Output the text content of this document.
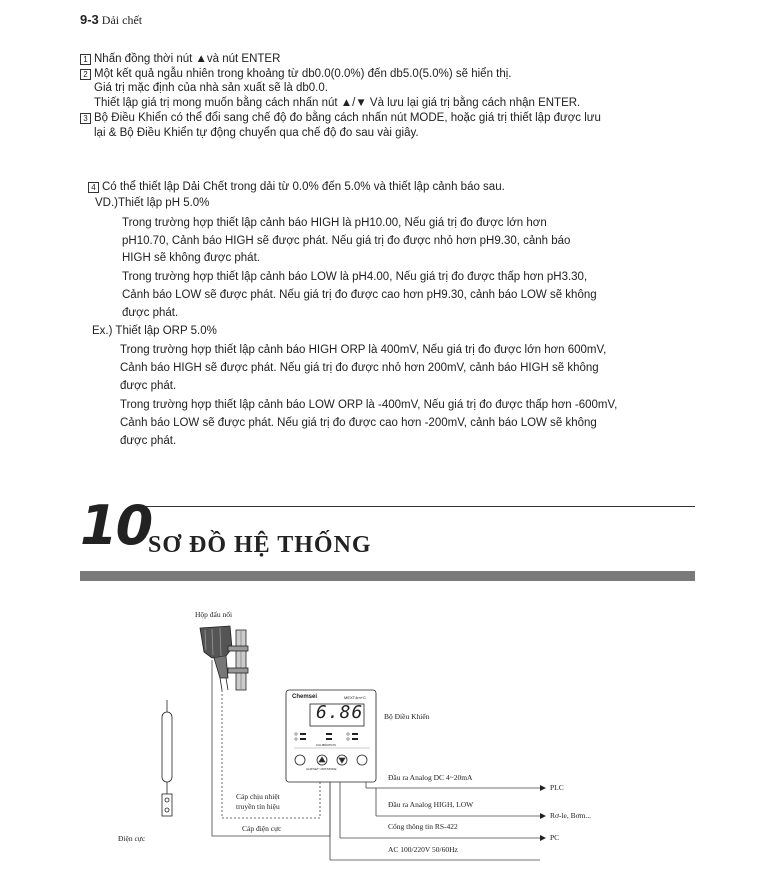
9-3 Dải chết
1 Nhấn đồng thời nút ▲và nút ENTER
2 Một kết quả ngẫu nhiên trong khoảng từ db0.0(0.0%) đến db5.0(5.0%) sẽ hiển thị.
Giá trị mặc định của nhà sản xuất sẽ là db0.0.
Thiết lập giá trị mong muốn bằng cách nhấn nút ▲/▼ Và lưu lại giá trị bằng cách nhận ENTER.
3 Bộ Điều Khiển có thể đổi sang chế độ đo bằng cách nhấn nút MODE, hoặc giá trị thiết lập được lưu
lại & Bộ Điều Khiển tự động chuyển qua chế độ đo sau vài giây.
4 Có thể thiết lập Dải Chết trong dải từ 0.0% đến 5.0% và thiết lập cảnh báo sau.
VD.)Thiết lập pH 5.0%
Trong trường hợp thiết lập cảnh báo HIGH là pH10.00, Nếu giá trị đo được lớn hơn
pH10.70, Cảnh báo HIGH sẽ được phát. Nếu giá trị đo được nhỏ hơn pH9.30, cảnh báo
HIGH sẽ không được phát.
Trong trường hợp thiết lập cảnh báo LOW là pH4.00, Nếu giá trị đo được thấp hơn pH3.30,
Cảnh báo LOW sẽ được phát. Nếu giá trị đo được cao hơn pH9.30, cảnh báo LOW sẽ không
được phát.
Ex.) Thiết lập ORP 5.0%
Trong trường hợp thiết lập cảnh báo HIGH ORP là 400mV, Nếu giá trị đo được lớn hơn 600mV,
Cảnh báo HIGH sẽ được phát. Nếu giá trị đo được nhỏ hơn 200mV, cảnh báo HIGH sẽ không
được phát.
Trong trường hợp thiết lập cảnh báo LOW ORP là -400mV, Nếu giá trị đo được thấp hơn -600mV,
Cảnh báo LOW sẽ được phát. Nếu giá trị đo được cao hơn -200mV, cảnh báo LOW sẽ không
được phát.
10
SƠ ĐỒ HỆ THỐNG
Hộp đấu nối
Bộ Điều Khiển
Điện cực
Cáp chịu nhiệt
truyền tín hiệu
Cáp điện cực
Chemsei	MEXT4m+C
6.86
CALIBRATION
ALM/SET UNIT/MODE
Đầu ra Analog DC 4~20mA
PLC
Đầu ra Analog HIGH, LOW
Rơ-le, Bơm...
Cổng thông tin RS-422
PC
AC 100/220V 50/60Hz
